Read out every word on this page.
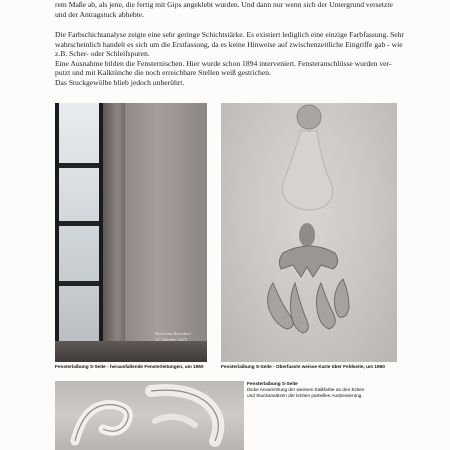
rem Maße ab, als jene, die fertig mit Gips angeklebt wurden. Und dann nur wenn sich der Untergrund versetzte

und der Antragstuck abhebte.

Die Farbschichtanalyse zeigte eine sehr geringe Schichtstärke. Es existiert lediglich eine einzige Farbfassung. Sehr

wahrscheinlich handelt es sich um die Erstfassung, da es keine Hinweise auf zwischenzeitliche Eingriffe gab - wie

z.B. Scher- oder Schleifspuren.

Eine Ausnahme bilden die Fensternischen. Hier wurde schon 1894 interveniert. Fensteranschlüsse wurden ver-

putzt und mit Kalktünche die noch erreichbare Stellen weiß gestrichen.

Das Stuckgewölbe blieb jedoch unberührt.

Hermann Brandner
12. Oktober 2021
Fensterlaibung S-Seite - herausfallende Fensterleitungen, um 1960	Fensterlaibung S-Seite - Oberfasste weisse Karte über Feldseite, um 1960
Fensterlaibung S-Seite
Dicke Ansammlung der weissen Kalkfarbe an den Ecken
und Stuckansätzen der letzten partiellen Ausbesserung.
